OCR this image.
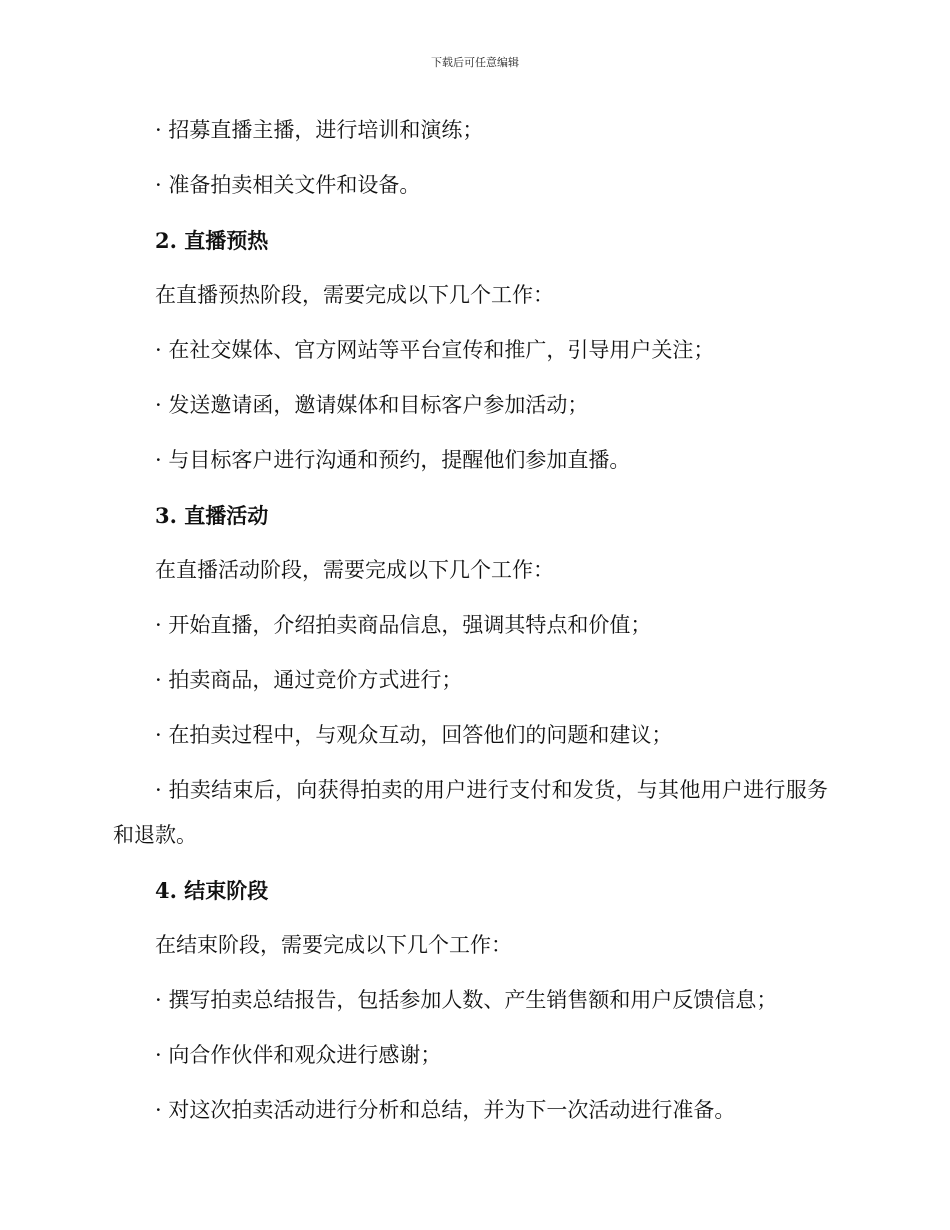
下载后可任意编辑
· 招募直播主播，进行培训和演练；
· 准备拍卖相关文件和设备。
2. 直播预热
在直播预热阶段，需要完成以下几个工作：
· 在社交媒体、官方网站等平台宣传和推广，引导用户关注；
· 发送邀请函，邀请媒体和目标客户参加活动；
· 与目标客户进行沟通和预约，提醒他们参加直播。
3. 直播活动
在直播活动阶段，需要完成以下几个工作：
· 开始直播，介绍拍卖商品信息，强调其特点和价值；
· 拍卖商品，通过竞价方式进行；
· 在拍卖过程中，与观众互动，回答他们的问题和建议；
· 拍卖结束后，向获得拍卖的用户进行支付和发货，与其他用户进行服务和退款。
4. 结束阶段
在结束阶段，需要完成以下几个工作：
· 撰写拍卖总结报告，包括参加人数、产生销售额和用户反馈信息；
· 向合作伙伴和观众进行感谢；
· 对这次拍卖活动进行分析和总结，并为下一次活动进行准备。
